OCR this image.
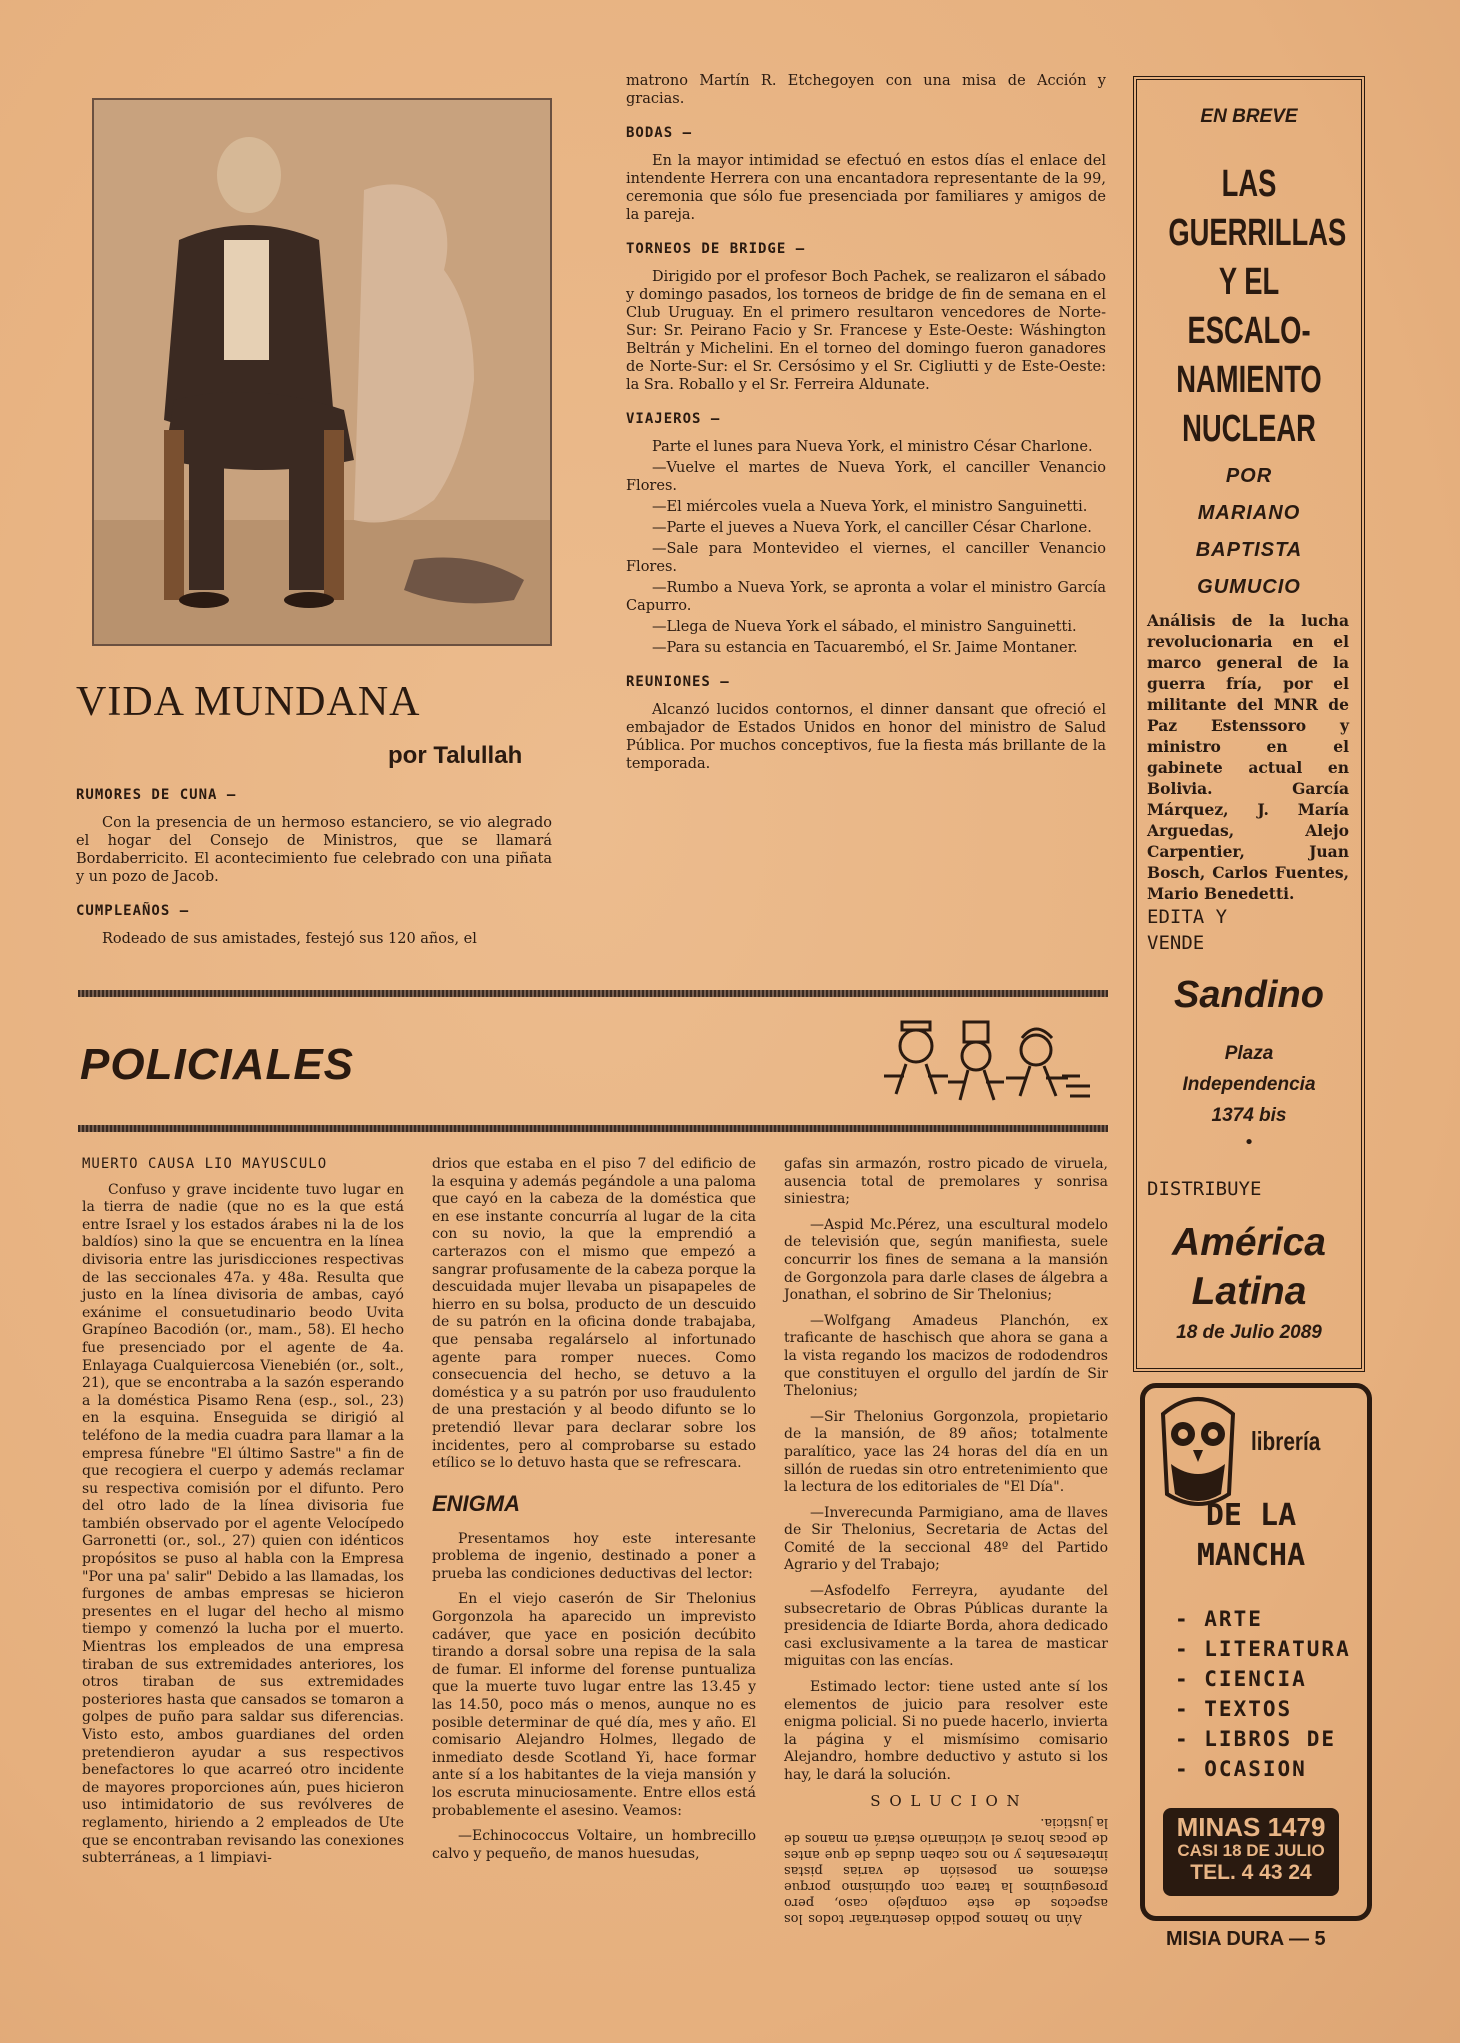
VIDA MUNDANA
por Talullah
RUMORES DE CUNA —

Con la presencia de un hermoso estanciero, se vio alegrado el hogar del Consejo de Ministros, que se llamará Bordaberricito. El acontecimiento fue celebrado con una piñata y un pozo de Jacob.

CUMPLEAÑOS —

Rodeado de sus amistades, festejó sus 120 años, el

matrono Martín R. Etchegoyen con una misa de Acción y gracias.

BODAS —

En la mayor intimidad se efectuó en estos días el enlace del intendente Herrera con una encantadora representante de la 99, ceremonia que sólo fue presenciada por familiares y amigos de la pareja.

TORNEOS DE BRIDGE —

Dirigido por el profesor Boch Pachek, se realizaron el sábado y domingo pasados, los torneos de bridge de fin de semana en el Club Uruguay. En el primero resultaron vencedores de Norte-Sur: Sr. Peirano Facio y Sr. Francese y Este-Oeste: Wáshington Beltrán y Michelini. En el torneo del domingo fueron ganadores de Norte-Sur: el Sr. Cersósimo y el Sr. Cigliutti y de Este-Oeste: la Sra. Roballo y el Sr. Ferreira Aldunate.

VIAJEROS —

Parte el lunes para Nueva York, el ministro César Charlone.

—Vuelve el martes de Nueva York, el canciller Venancio Flores.

—El miércoles vuela a Nueva York, el ministro Sanguinetti.

—Parte el jueves a Nueva York, el canciller César Charlone.

—Sale para Montevideo el viernes, el canciller Venancio Flores.

—Rumbo a Nueva York, se apronta a volar el ministro García Capurro.

—Llega de Nueva York el sábado, el ministro Sanguinetti.

—Para su estancia en Tacuarembó, el Sr. Jaime Montaner.

REUNIONES —

Alcanzó lucidos contornos, el dinner dansant que ofreció el embajador de Estados Unidos en honor del ministro de Salud Pública. Por muchos conceptivos, fue la fiesta más brillante de la temporada.

POLICIALES
MUERTO CAUSA LIO MAYUSCULO

Confuso y grave incidente tuvo lugar en la tierra de nadie (que no es la que está entre Israel y los estados árabes ni la de los baldíos) sino la que se encuentra en la línea divisoria entre las jurisdicciones respectivas de las seccionales 47a. y 48a. Resulta que justo en la línea divisoria de ambas, cayó exánime el consuetudinario beodo Uvita Grapíneo Bacodión (or., mam., 58). El hecho fue presenciado por el agente de 4a. Enlayaga Cualquiercosa Vienebién (or., solt., 21), que se encontraba a la sazón esperando a la doméstica Pisamo Rena (esp., sol., 23) en la esquina. Enseguida se dirigió al teléfono de la media cuadra para llamar a la empresa fúnebre "El último Sastre" a fin de que recogiera el cuerpo y además reclamar su respectiva comisión por el difunto. Pero del otro lado de la línea divisoria fue también observado por el agente Velocípedo Garronetti (or., sol., 27) quien con idénticos propósitos se puso al habla con la Empresa "Por una pa' salir" Debido a las llamadas, los furgones de ambas empresas se hicieron presentes en el lugar del hecho al mismo tiempo y comenzó la lucha por el muerto. Mientras los empleados de una empresa tiraban de sus extremidades anteriores, los otros tiraban de sus extremidades posteriores hasta que cansados se tomaron a golpes de puño para saldar sus diferencias. Visto esto, ambos guardianes del orden pretendieron ayudar a sus respectivos benefactores lo que acarreó otro incidente de mayores proporciones aún, pues hicieron uso intimidatorio de sus revólveres de reglamento, hiriendo a 2 empleados de Ute que se encontraban revisando las conexiones subterráneas, a 1 limpiavi-

drios que estaba en el piso 7 del edificio de la esquina y además pegándole a una paloma que cayó en la cabeza de la doméstica que en ese instante concurría al lugar de la cita con su novio, la que la emprendió a carterazos con el mismo que empezó a sangrar profusamente de la cabeza porque la descuidada mujer llevaba un pisapapeles de hierro en su bolsa, producto de un descuido de su patrón en la oficina donde trabajaba, que pensaba regalárselo al infortunado agente para romper nueces. Como consecuencia del hecho, se detuvo a la doméstica y a su patrón por uso fraudulento de una prestación y al beodo difunto se lo pretendió llevar para declarar sobre los incidentes, pero al comprobarse su estado etílico se lo detuvo hasta que se refrescara.

ENIGMA

Presentamos hoy este interesante problema de ingenio, destinado a poner a prueba las condiciones deductivas del lector:

En el viejo caserón de Sir Thelonius Gorgonzola ha aparecido un imprevisto cadáver, que yace en posición decúbito tirando a dorsal sobre una repisa de la sala de fumar. El informe del forense puntualiza que la muerte tuvo lugar entre las 13.45 y las 14.50, poco más o menos, aunque no es posible determinar de qué día, mes y año. El comisario Alejandro Holmes, llegado de inmediato desde Scotland Yi, hace formar ante sí a los habitantes de la vieja mansión y los escruta minuciosamente. Entre ellos está probablemente el asesino. Veamos:

—Echinococcus Voltaire, un hombrecillo calvo y pequeño, de manos huesudas,

gafas sin armazón, rostro picado de viruela, ausencia total de premolares y sonrisa siniestra;

—Aspid Mc.Pérez, una escultural modelo de televisión que, según manifiesta, suele concurrir los fines de semana a la mansión de Gorgonzola para darle clases de álgebra a Jonathan, el sobrino de Sir Thelonius;

—Wolfgang Amadeus Planchón, ex traficante de haschisch que ahora se gana a la vista regando los macizos de rododendros que constituyen el orgullo del jardín de Sir Thelonius;

—Sir Thelonius Gorgonzola, propietario de la mansión, de 89 años; totalmente paralítico, yace las 24 horas del día en un sillón de ruedas sin otro entretenimiento que la lectura de los editoriales de "El Día".

—Inverecunda Parmigiano, ama de llaves de Sir Thelonius, Secretaria de Actas del Comité de la seccional 48º del Partido Agrario y del Trabajo;

—Asfodelfo Ferreyra, ayudante del subsecretario de Obras Públicas durante la presidencia de Idiarte Borda, ahora dedicado casi exclusivamente a la tarea de masticar miguitas con las encías.

Estimado lector: tiene usted ante sí los elementos de juicio para resolver este enigma policial. Si no puede hacerlo, invierta la página y el mismísimo comisario Alejandro, hombre deductivo y astuto si los hay, le dará la solución.

S O L U C I O N

Aún no hemos podido desentrañar todos los aspectos de este complejo caso, pero proseguimos la tarea con optimismo porque estamos en posesión de varias pistas interesantes y no nos caben dudas de que antes de pocas horas el victimario estará en manos de la justicia.

EN BREVE
LAS
GUERRILLAS
Y EL
ESCALO-
NAMIENTO
NUCLEAR
POR
MARIANO
BAPTISTA
GUMUCIO
Análisis de la lucha revolucionaria en el marco general de la guerra fría, por el militante del MNR de Paz Estenssoro y ministro en el gabinete actual en Bolivia. García Márquez, J. María Arguedas, Alejo Carpentier, Juan Bosch, Carlos Fuentes, Mario Benedetti.
EDITA Y VENDE
Sandino
Plaza
Independencia
1374 bis
•
DISTRIBUYE
América
Latina
18 de Julio 2089
librería
DE LA
MANCHA
- ARTE
- LITERATURA
- CIENCIA
- TEXTOS
- LIBROS DE
- OCASION
MINAS 1479
CASI 18 DE JULIO
TEL. 4 43 24
MISIA DURA — 5
